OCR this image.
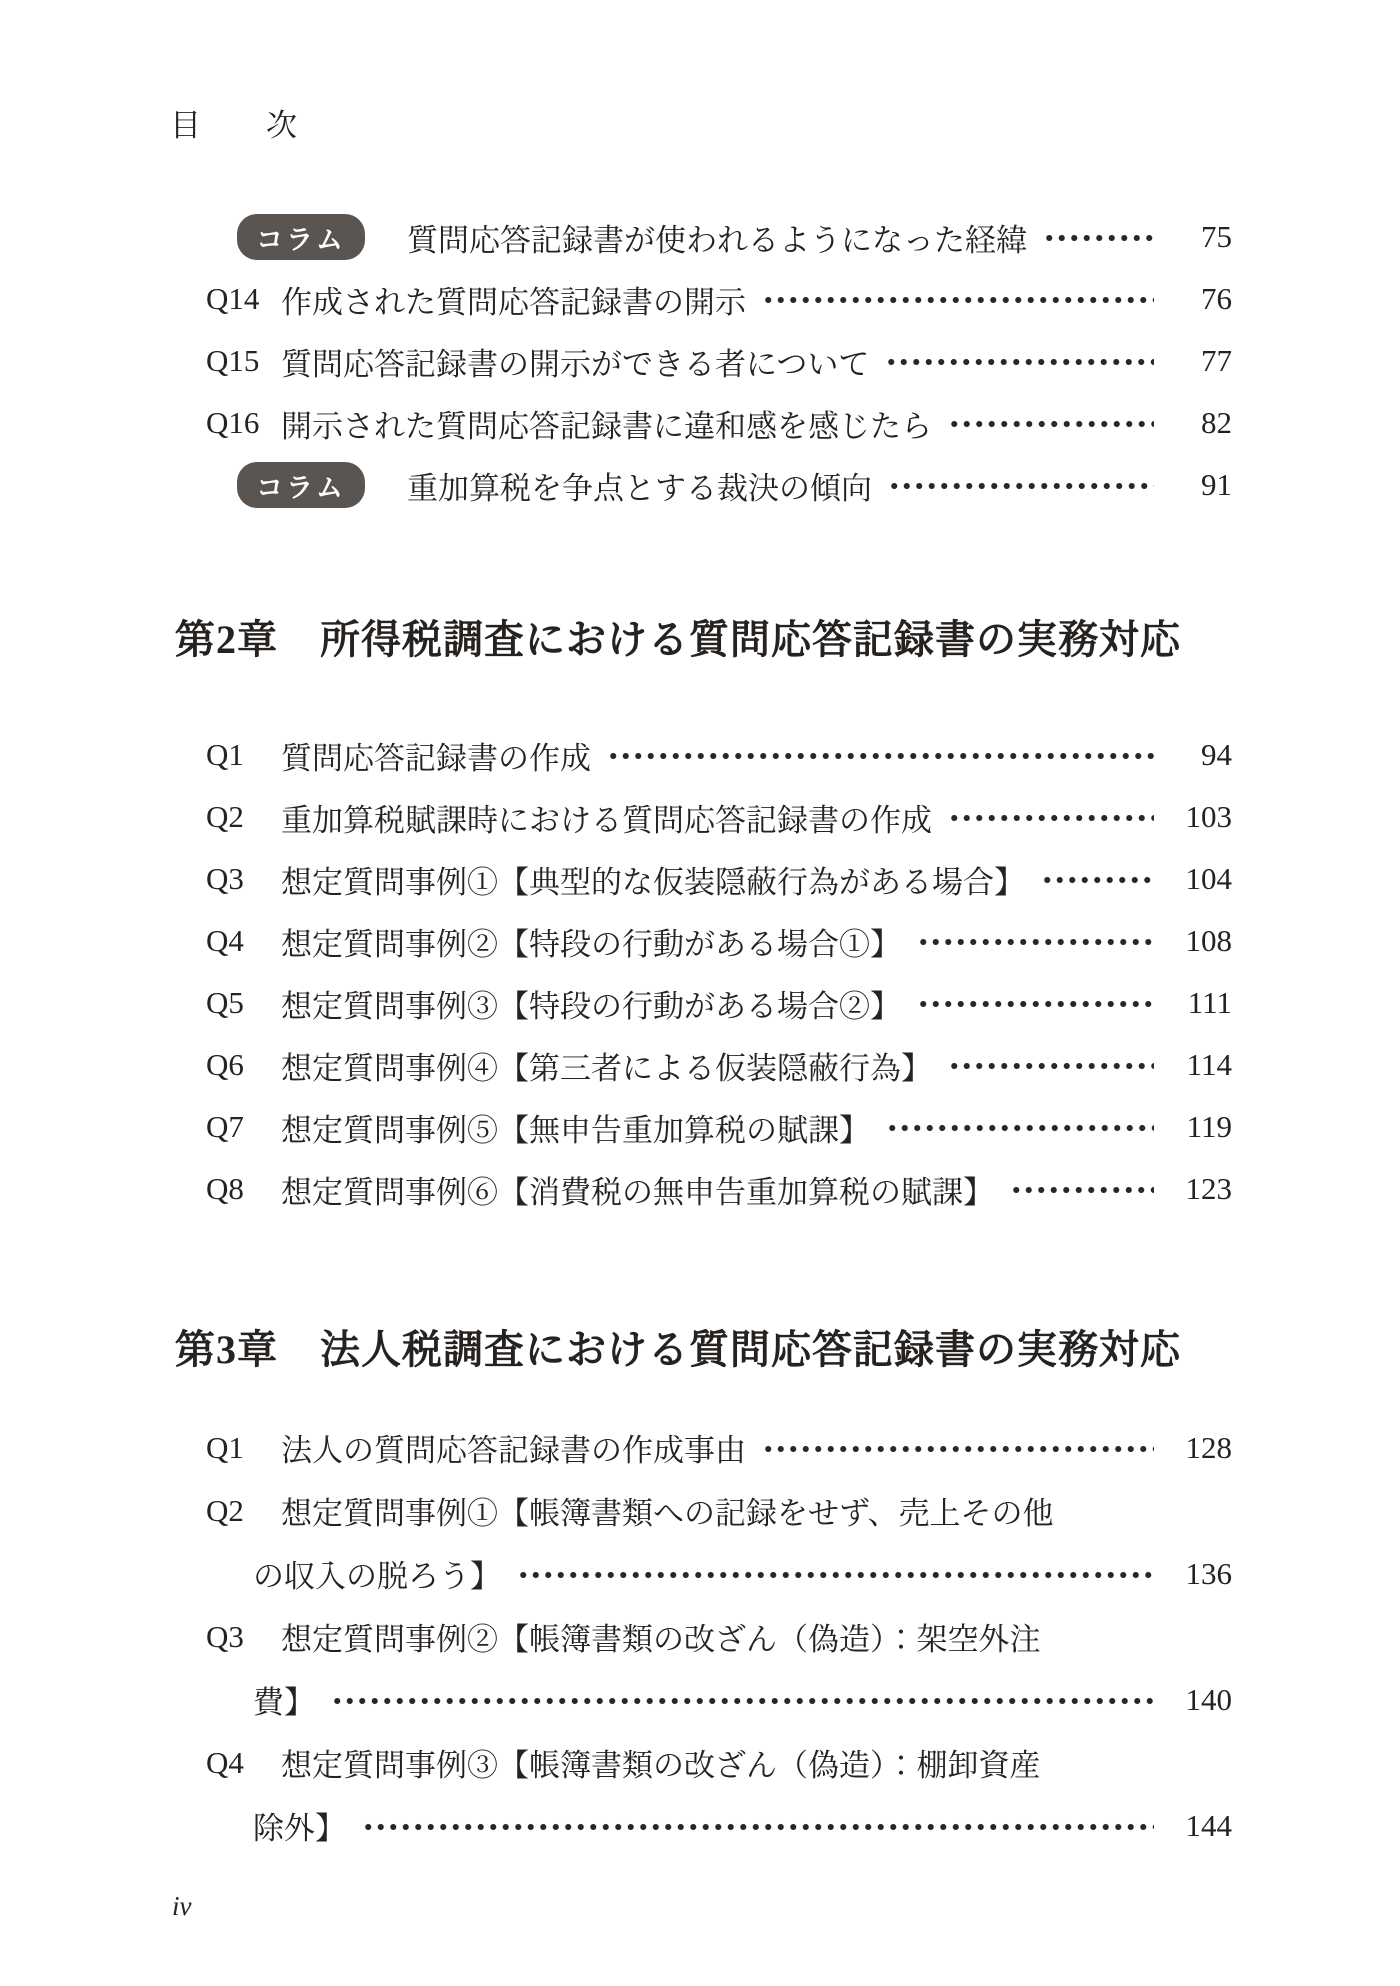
目　　次
コラム	質問応答記録書が使われるようになった経緯	75
Q14 作成された質問応答記録書の開示	76
Q15 質問応答記録書の開示ができる者について	77
Q16 開示された質問応答記録書に違和感を感じたら	82
コラム	重加算税を争点とする裁決の傾向	91
第2章 所得税調査における質問応答記録書の実務対応
Q1	質問応答記録書の作成	94
Q2	重加算税賦課時における質問応答記録書の作成	103
Q3	想定質問事例①【典型的な仮装隠蔽行為がある場合】	104
Q4	想定質問事例②【特段の行動がある場合①】	108
Q5	想定質問事例③【特段の行動がある場合②】	111
Q6	想定質問事例④【第三者による仮装隠蔽行為】	114
Q7	想定質問事例⑤【無申告重加算税の賦課】	119
Q8	想定質問事例⑥【消費税の無申告重加算税の賦課】	123
第3章 法人税調査における質問応答記録書の実務対応
Q1	法人の質問応答記録書の作成事由	128
Q2	想定質問事例①【帳簿書類への記録をせず、売上その他
の収入の脱ろう】	136
Q3	想定質問事例②【帳簿書類の改ざん（偽造）：架空外注
費】	140
Q4	想定質問事例③【帳簿書類の改ざん（偽造）：棚卸資産
除外】	144
iv
